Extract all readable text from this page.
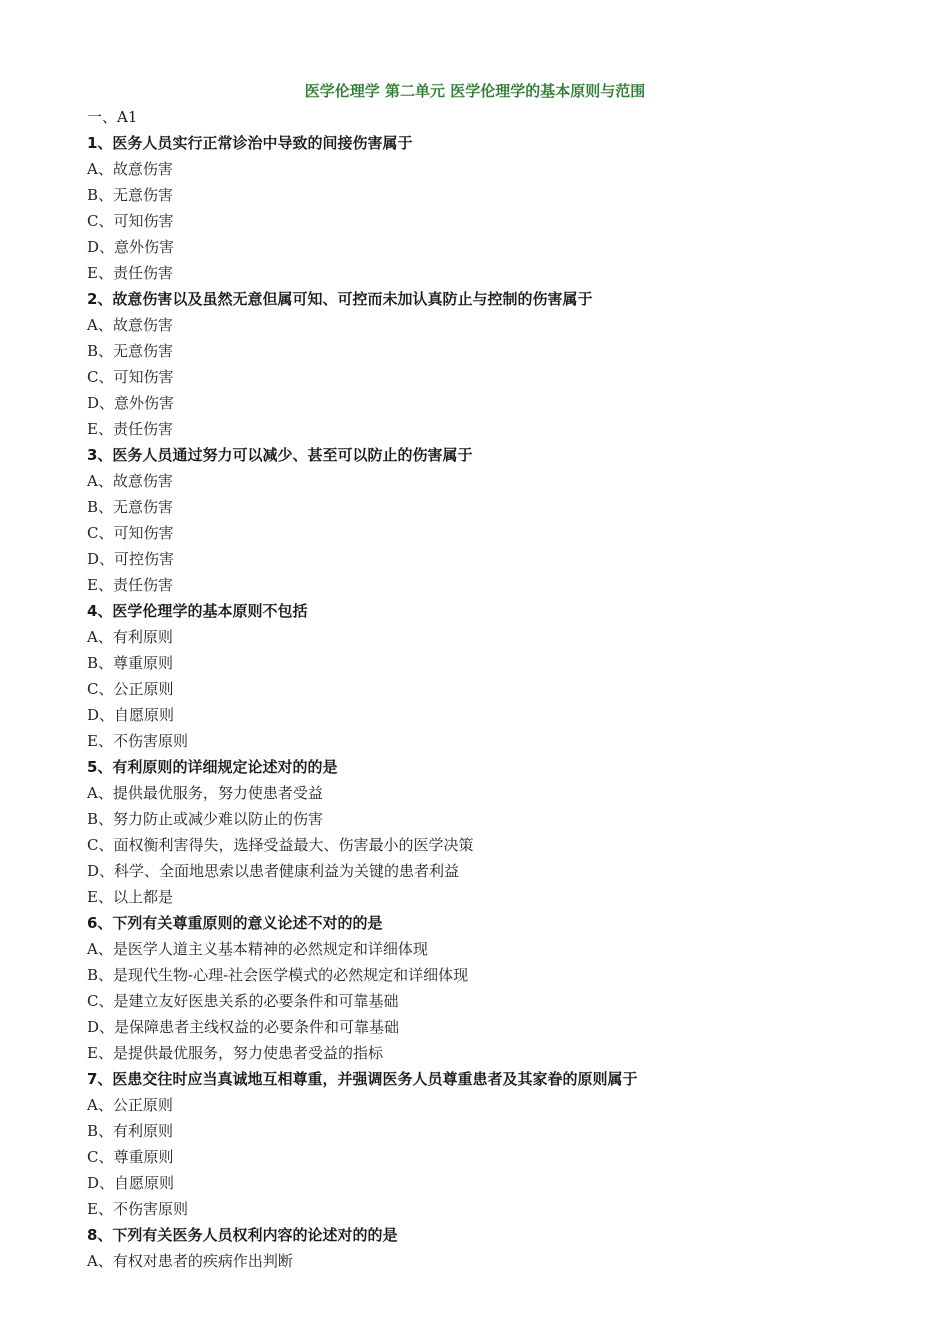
医学伦理学 第二单元 医学伦理学的基本原则与范围
一、A1
1、医务人员实行正常诊治中导致的间接伤害属于
A、故意伤害
B、无意伤害
C、可知伤害
D、意外伤害
E、责任伤害
2、故意伤害以及虽然无意但属可知、可控而未加认真防止与控制的伤害属于
A、故意伤害
B、无意伤害
C、可知伤害
D、意外伤害
E、责任伤害
3、医务人员通过努力可以减少、甚至可以防止的伤害属于
A、故意伤害
B、无意伤害
C、可知伤害
D、可控伤害
E、责任伤害
4、医学伦理学的基本原则不包括
A、有利原则
B、尊重原则
C、公正原则
D、自愿原则
E、不伤害原则
5、有利原则的详细规定论述对的的是
A、提供最优服务，努力使患者受益
B、努力防止或减少难以防止的伤害
C、面权衡利害得失，选择受益最大、伤害最小的医学决策
D、科学、全面地思索以患者健康利益为关键的患者利益
E、以上都是
6、下列有关尊重原则的意义论述不对的的是
A、是医学人道主义基本精神的必然规定和详细体现
B、是现代生物-心理-社会医学模式的必然规定和详细体现
C、是建立友好医患关系的必要条件和可靠基础
D、是保障患者主线权益的必要条件和可靠基础
E、是提供最优服务，努力使患者受益的指标
7、医患交往时应当真诚地互相尊重，并强调医务人员尊重患者及其家眷的原则属于
A、公正原则
B、有利原则
C、尊重原则
D、自愿原则
E、不伤害原则
8、下列有关医务人员权利内容的论述对的的是
A、有权对患者的疾病作出判断
